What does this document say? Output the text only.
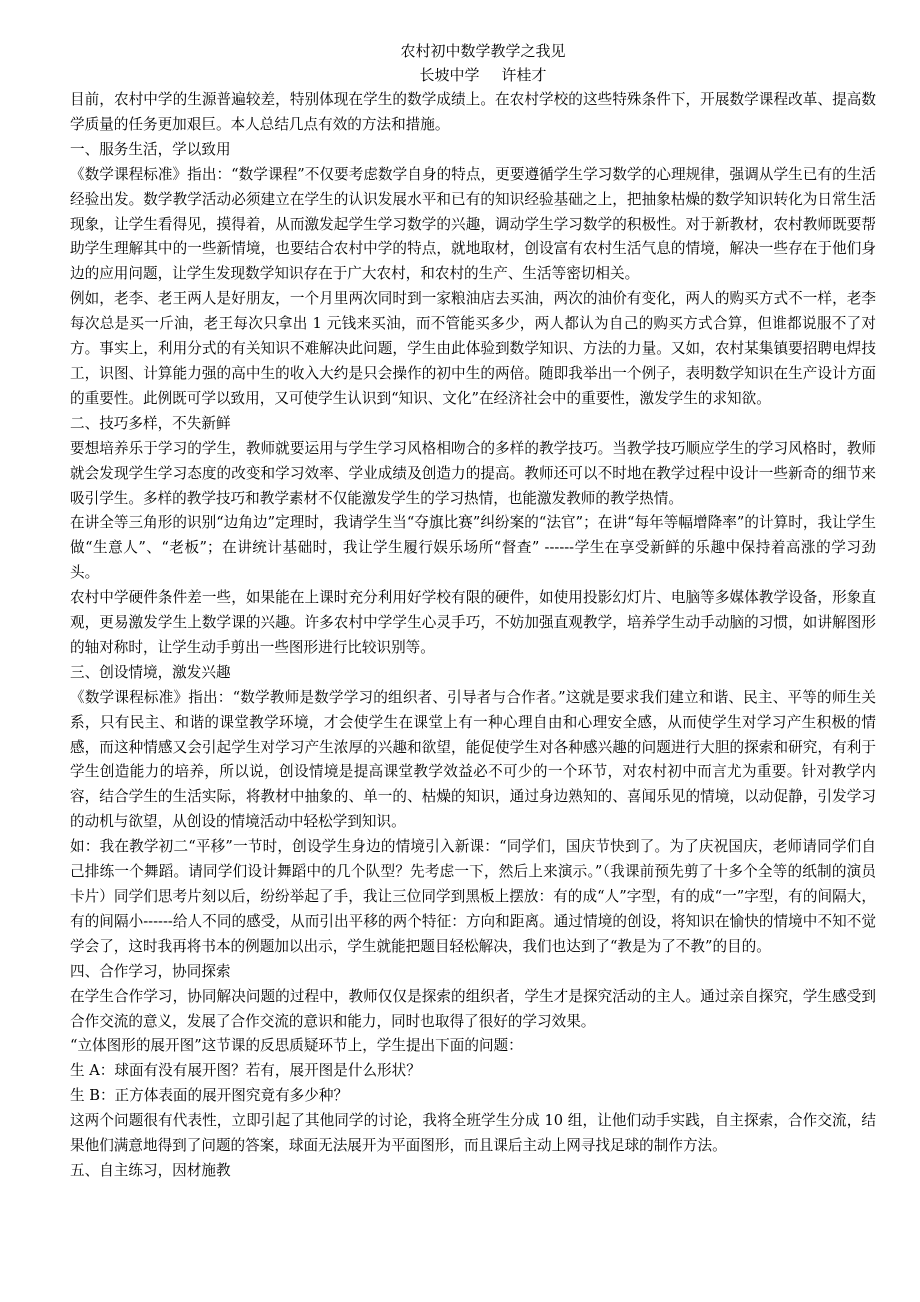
农村初中数学教学之我见

长坡中学 许桂才

目前，农村中学的生源普遍较差，特别体现在学生的数学成绩上。在农村学校的这些特殊条件下，开展数学课程改革、提高数学质量的任务更加艰巨。本人总结几点有效的方法和措施。

一、服务生活，学以致用

《数学课程标准》指出：“数学课程”不仅要考虑数学自身的特点，更要遵循学生学习数学的心理规律，强调从学生已有的生活经验出发。数学教学活动必须建立在学生的认识发展水平和已有的知识经验基础之上，把抽象枯燥的数学知识转化为日常生活现象，让学生看得见，摸得着，从而激发起学生学习数学的兴趣，调动学生学习数学的积极性。对于新教材，农村教师既要帮助学生理解其中的一些新情境，也要结合农村中学的特点，就地取材，创设富有农村生活气息的情境，解决一些存在于他们身边的应用问题，让学生发现数学知识存在于广大农村，和农村的生产、生活等密切相关。

例如，老李、老王两人是好朋友，一个月里两次同时到一家粮油店去买油，两次的油价有变化，两人的购买方式不一样，老李每次总是买一斤油，老王每次只拿出 1 元钱来买油，而不管能买多少，两人都认为自己的购买方式合算，但谁都说服不了对方。事实上，利用分式的有关知识不难解决此问题，学生由此体验到数学知识、方法的力量。又如，农村某集镇要招聘电焊技工，识图、计算能力强的高中生的收入大约是只会操作的初中生的两倍。随即我举出一个例子，表明数学知识在生产设计方面的重要性。此例既可学以致用，又可使学生认识到“知识、文化”在经济社会中的重要性，激发学生的求知欲。

二、技巧多样，不失新鲜

要想培养乐于学习的学生，教师就要运用与学生学习风格相吻合的多样的教学技巧。当教学技巧顺应学生的学习风格时，教师就会发现学生学习态度的改变和学习效率、学业成绩及创造力的提高。教师还可以不时地在教学过程中设计一些新奇的细节来吸引学生。多样的教学技巧和教学素材不仅能激发学生的学习热情，也能激发教师的教学热情。

在讲全等三角形的识别“边角边”定理时，我请学生当“夺旗比赛”纠纷案的“法官”；在讲“每年等幅增降率”的计算时，我让学生做“生意人”、“老板”；在讲统计基础时，我让学生履行娱乐场所“督查” ------学生在享受新鲜的乐趣中保持着高涨的学习劲头。

农村中学硬件条件差一些，如果能在上课时充分利用好学校有限的硬件，如使用投影幻灯片、电脑等多媒体教学设备，形象直观，更易激发学生上数学课的兴趣。许多农村中学学生心灵手巧，不妨加强直观教学，培养学生动手动脑的习惯，如讲解图形的轴对称时，让学生动手剪出一些图形进行比较识别等。

三、创设情境，激发兴趣

《数学课程标准》指出：“数学教师是数学学习的组织者、引导者与合作者。”这就是要求我们建立和谐、民主、平等的师生关系，只有民主、和谐的课堂教学环境，才会使学生在课堂上有一种心理自由和心理安全感，从而使学生对学习产生积极的情感，而这种情感又会引起学生对学习产生浓厚的兴趣和欲望，能促使学生对各种感兴趣的问题进行大胆的探索和研究，有利于学生创造能力的培养，所以说，创设情境是提高课堂教学效益必不可少的一个环节，对农村初中而言尤为重要。针对教学内容，结合学生的生活实际，将教材中抽象的、单一的、枯燥的知识，通过身边熟知的、喜闻乐见的情境，以动促静，引发学习的动机与欲望，从创设的情境活动中轻松学到知识。

如：我在教学初二“平移”一节时，创设学生身边的情境引入新课：“同学们，国庆节快到了。为了庆祝国庆，老师请同学们自己排练一个舞蹈。请同学们设计舞蹈中的几个队型？先考虑一下，然后上来演示。”（我课前预先剪了十多个全等的纸制的演员卡片）同学们思考片刻以后，纷纷举起了手，我让三位同学到黑板上摆放：有的成“人”字型，有的成“一”字型，有的间隔大，有的间隔小------给人不同的感受，从而引出平移的两个特征：方向和距离。通过情境的创设，将知识在愉快的情境中不知不觉学会了，这时我再将书本的例题加以出示，学生就能把题目轻松解决，我们也达到了“教是为了不教”的目的。

四、合作学习，协同探索

在学生合作学习，协同解决问题的过程中，教师仅仅是探索的组织者，学生才是探究活动的主人。通过亲自探究，学生感受到合作交流的意义，发展了合作交流的意识和能力，同时也取得了很好的学习效果。

“立体图形的展开图”这节课的反思质疑环节上，学生提出下面的问题：

生 A：球面有没有展开图？若有，展开图是什么形状？

生 B：正方体表面的展开图究竟有多少种？

这两个问题很有代表性，立即引起了其他同学的讨论，我将全班学生分成 10 组，让他们动手实践，自主探索，合作交流，结果他们满意地得到了问题的答案，球面无法展开为平面图形，而且课后主动上网寻找足球的制作方法。

五、自主练习，因材施教
